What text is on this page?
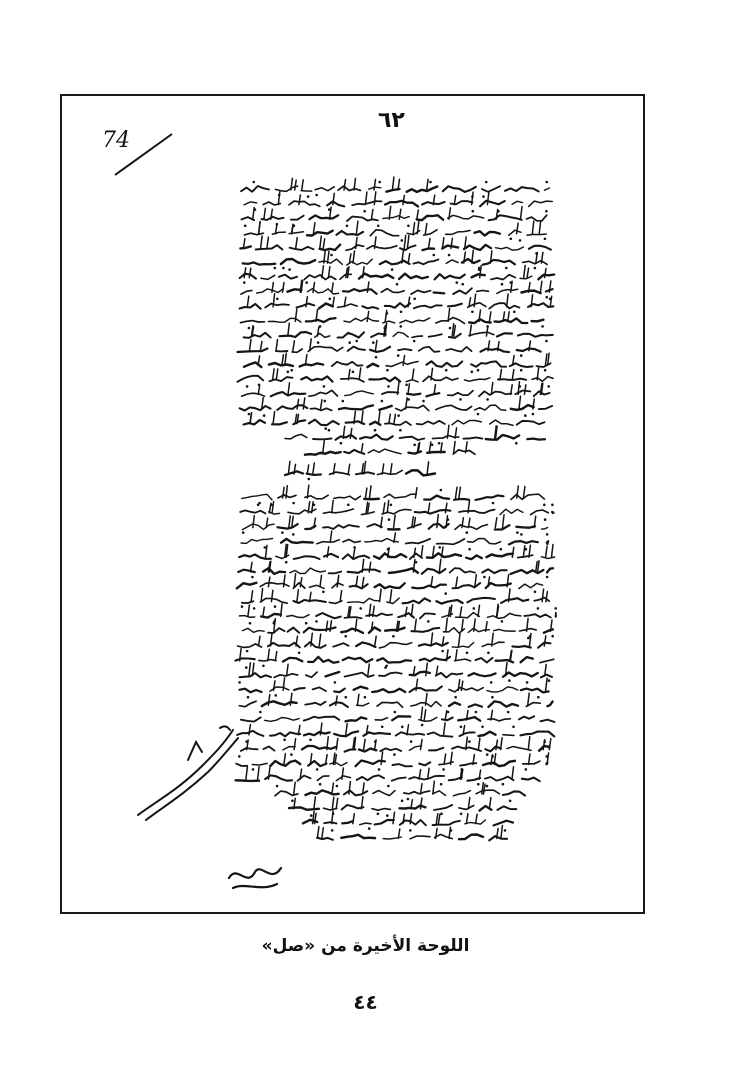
٦٢
74
اللوحة الأخيرة من «صل»
٤٤
